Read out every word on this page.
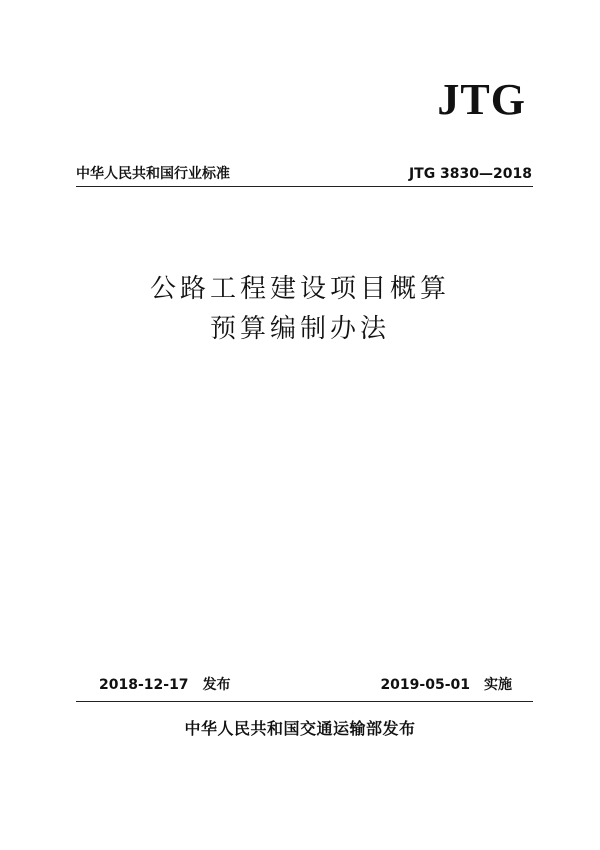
JTG
中华人民共和国行业标准	JTG 3830—2018
公路工程建设项目概算
预算编制办法
2018-12-17 发布	2019-05-01 实施
中华人民共和国交通运输部发布
